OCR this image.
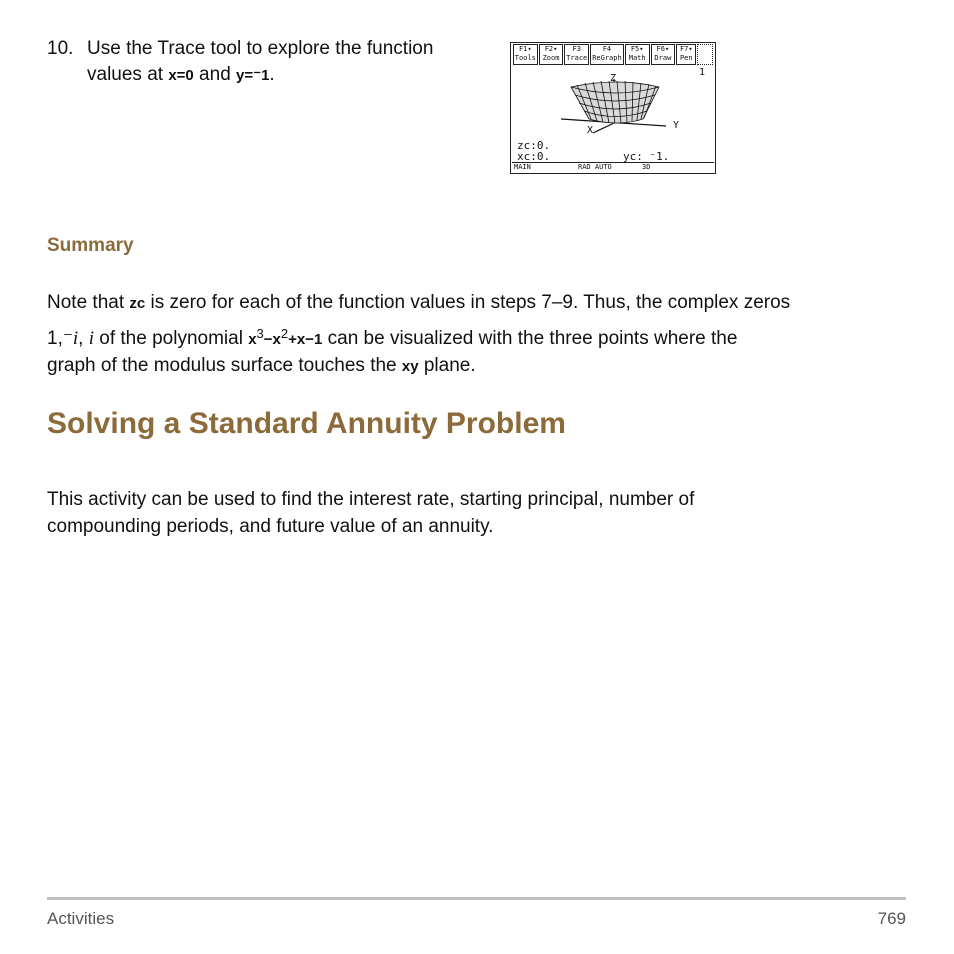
10. Use the Trace tool to explore the function
values at x=0 and y=⁻1.
F1▾
Tools
F2▾
Zoom
F3
Trace
F4
ReGraph
F5▾
Math
F6▾
Draw
F7▾
Pen
1
Z
X	Y
zc:0.
xc:0.	yc: ⁻1.
MAIN	RAD AUTO	3D
Summary
Note that zc is zero for each of the function values in steps 7–9. Thus, the complex zeros
1,⁻i, i of the polynomial $x^3-x^2+x-1$ can be visualized with the three points where the
graph of the modulus surface touches the xy plane.
Solving a Standard Annuity Problem
This activity can be used to find the interest rate, starting principal, number of
compounding periods, and future value of an annuity.
Activities	769
